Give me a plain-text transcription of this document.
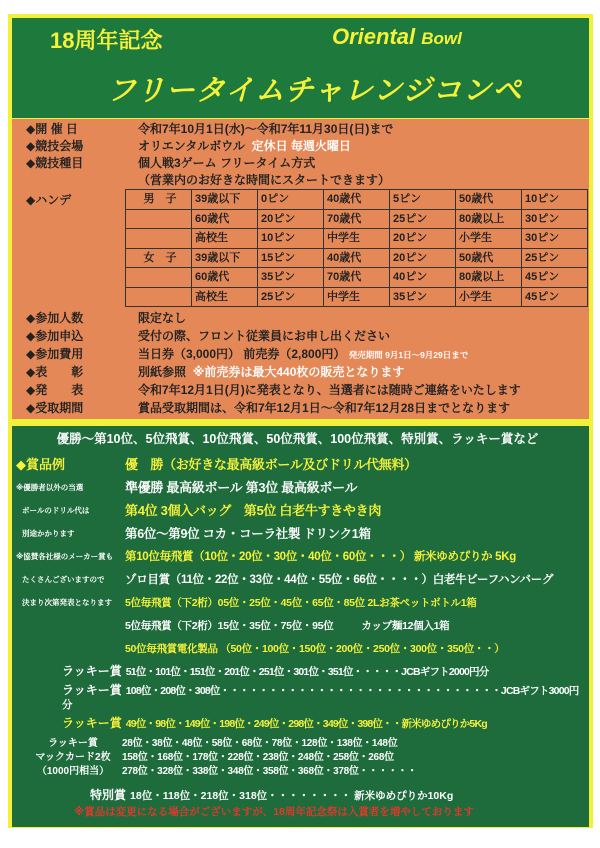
18周年記念	Oriental Bowl
フリータイムチャレンジコンペ
◆開 催 日	令和7年10月1日(水)～令和7年11月30日(日)まで
◆競技会場	オリエンタルボウル
定休日 毎週火曜日
◆競技種目	個人戦3ゲーム フリータイム方式
（営業内のお好きな時間にスタートできます）
◆ハンデ	男　子	39歳以下	0ピン	40歳代	5ピン	50歳代	10ピン
	60歳代	20ピン	70歳代	25ピン	80歳以上	30ピン
	高校生	10ピン	中学生	20ピン	小学生	30ピン
女　子	39歳以下	15ピン	40歳代	20ピン	50歳代	25ピン
	60歳代	35ピン	70歳代	40ピン	80歳以上	45ピン
	高校生	25ピン	中学生	35ピン	小学生	45ピン
◆参加人数	限定なし
◆参加申込	受付の際、フロント従業員にお申し出ください
◆参加費用	当日券（3,000円） 前売券（2,800円）
発売期間 9月1日～9月29日まで
◆表　　彰	別紙参照
※前売券は最大440枚の販売となります
◆発　　表	令和7年12月1日(月)に発表となり、当選者には随時ご連絡をいたします
◆受取期間	賞品受取期間は、令和7年12月1日～令和7年12月28日までとなります
優勝～第10位、5位飛賞、10位飛賞、50位飛賞、100位飛賞、特別賞、ラッキー賞など
◆賞品例	優　勝（お好きな最高級ボール及びドリル代無料）
※優勝者以外の当選	準優勝 最高級ボール 第3位 最高級ボール
ボールのドリル代は	第4位 3個入バッグ　第5位 白老牛すきやき肉
別途かかります	第6位～第9位 コカ・コーラ社製 ドリンク1箱
※協賛各社様のメーカー賞も	第10位毎飛賞（10位・20位・30位・40位・60位・・・） 新米ゆめぴりか 5Kg
たくさんございますので	ゾロ目賞（11位・22位・33位・44位・55位・66位・・・・）白老牛ビーフハンバーグ
決まり次第発表となります	5位毎飛賞（下2桁）05位・25位・45位・65位・85位 2Lお茶ペットボトル1箱
5位毎飛賞（下2桁）15位・35位・75位・95位	カップ麺12個入1箱
50位毎飛賞電化製品 （50位・100位・150位・200位・250位・300位・350位・・）
ラッキー賞 51位・101位・151位・201位・251位・301位・351位・・・・・JCBギフト2000円分
ラッキー賞 108位・208位・308位・・・・・・・・・・・・・・・・・・・・・・・・・・・・・JCBギフト3000円分
ラッキー賞 49位・98位・149位・198位・249位・298位・349位・398位・・新米ゆめぴりか5Kg
ラッキー賞
マックカード2枚
（1000円相当）
28位・38位・48位・58位・68位・78位・128位・138位・148位
158位・168位・178位・228位・238位・248位・258位・268位
278位・328位・338位・348位・358位・368位・378位・・・・・・
特別賞 18位・118位・218位・318位・・・・・・・・ 新米ゆめぴりか10Kg
※賞品は変更になる場合がございますが、18周年記念祭は入賞者を増やしております
